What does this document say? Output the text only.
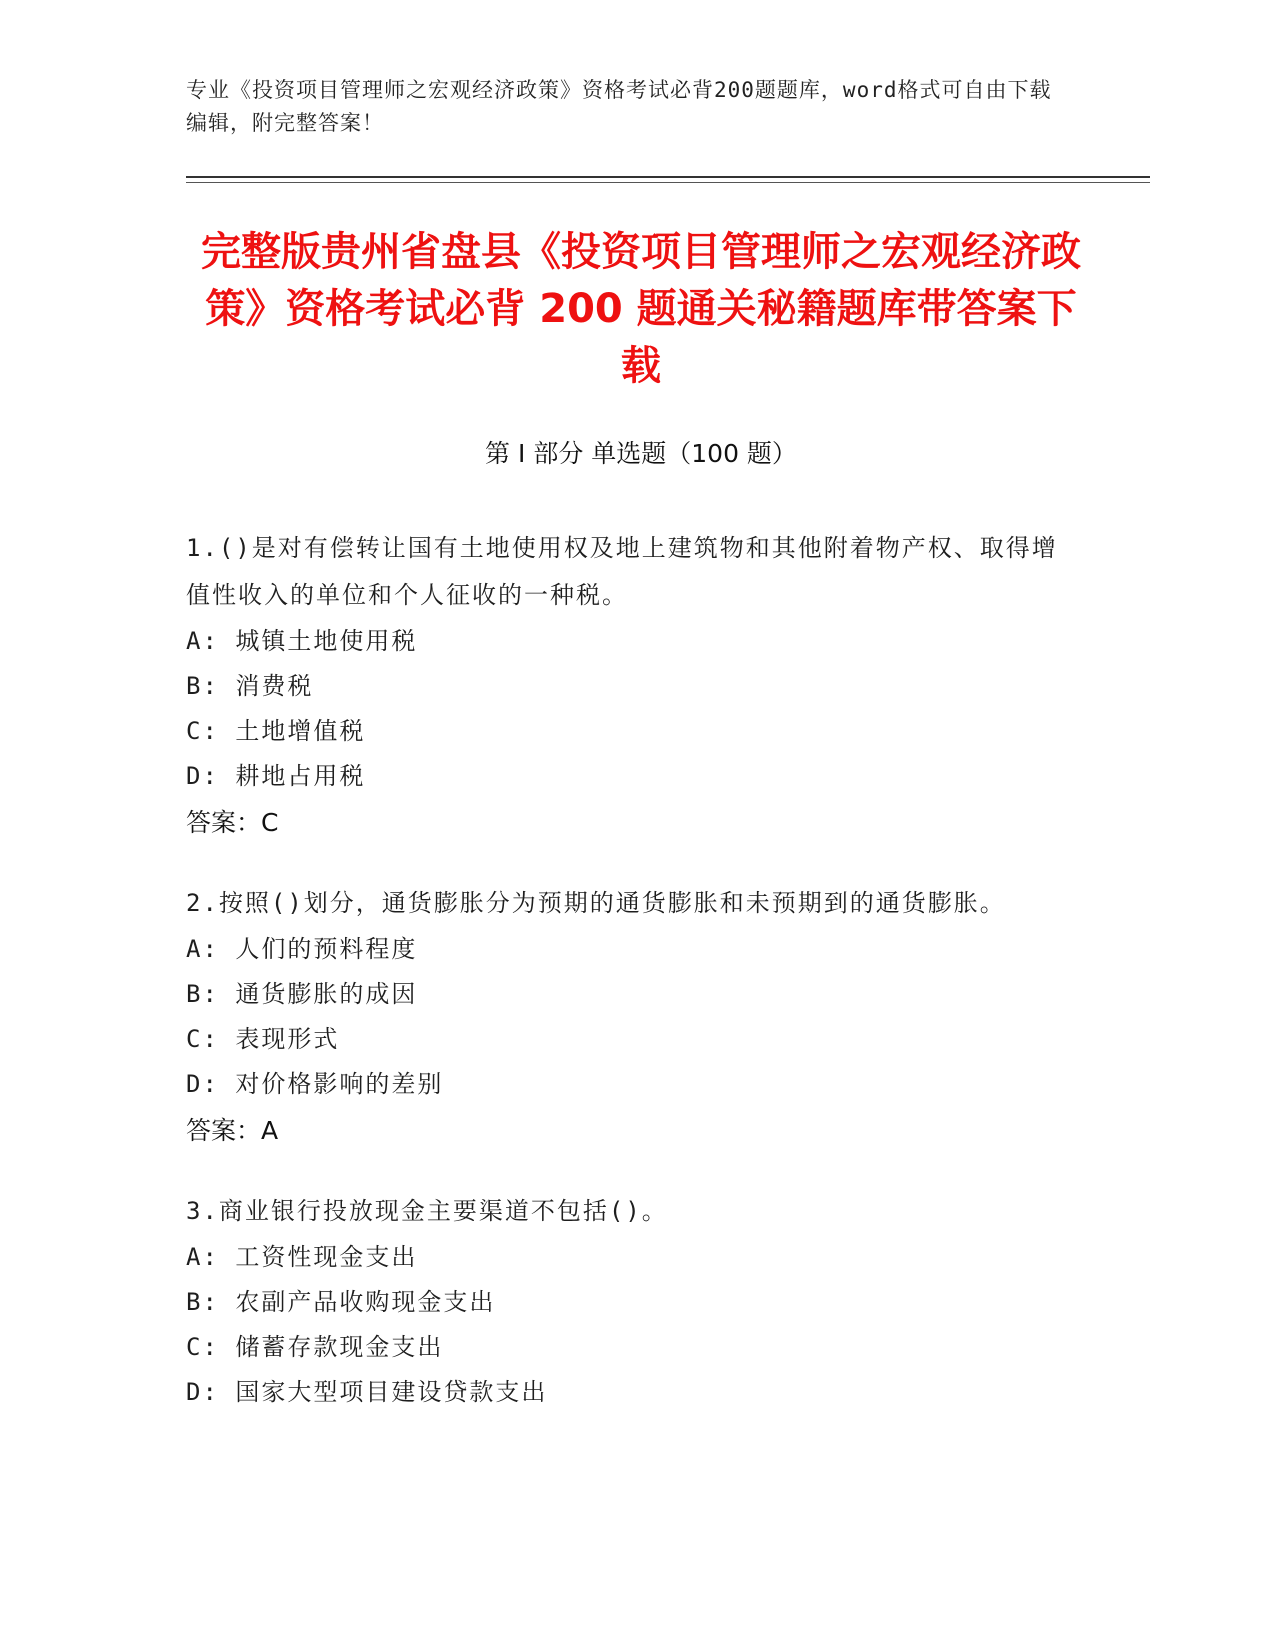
专业《投资项目管理师之宏观经济政策》资格考试必背200题题库，word格式可自由下载编辑，附完整答案！
完整版贵州省盘县《投资项目管理师之宏观经济政策》资格考试必背 200 题通关秘籍题库带答案下载
第 I 部分 单选题（100 题）
1.()是对有偿转让国有土地使用权及地上建筑物和其他附着物产权、取得增值性收入的单位和个人征收的一种税。
A: 城镇土地使用税
B: 消费税
C: 土地增值税
D: 耕地占用税
答案：C
2.按照()划分，通货膨胀分为预期的通货膨胀和未预期到的通货膨胀。
A: 人们的预料程度
B: 通货膨胀的成因
C: 表现形式
D: 对价格影响的差别
答案：A
3.商业银行投放现金主要渠道不包括()。
A: 工资性现金支出
B: 农副产品收购现金支出
C: 储蓄存款现金支出
D: 国家大型项目建设贷款支出
